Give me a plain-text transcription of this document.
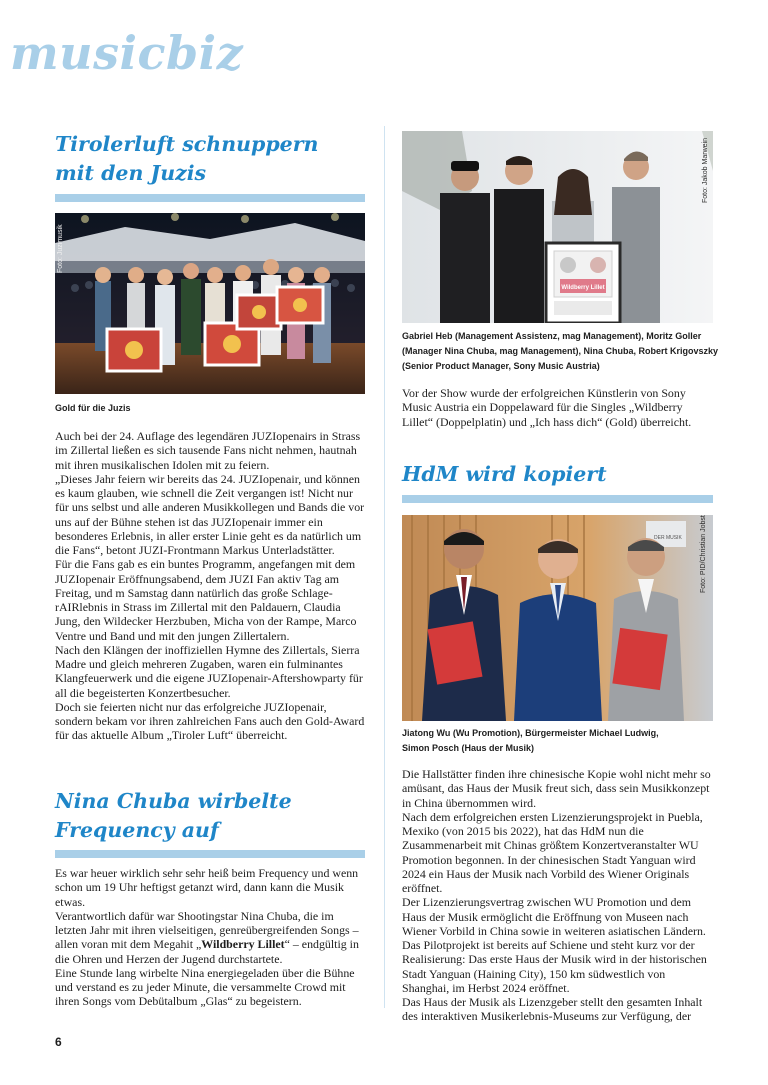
musicbiz
Tirolerluft schnuppern
mit den Juzis
Foto: Juzimusik
Gold für die Juzis

Auch bei der 24. Auflage des legendären JUZIopenairs in Strass im Zillertal ließen es sich tausende Fans nicht nehmen, hautnah mit ihren musikalischen Idolen mit zu feiern.

„Dieses Jahr feiern wir bereits das 24. JUZIopenair, und können es kaum glauben, wie schnell die Zeit vergangen ist! Nicht nur für uns selbst und alle anderen Musikkollegen und Bands die vor uns auf der Bühne stehen ist das JUZIopenair immer ein besonderes Erlebnis, in aller erster Linie geht es da natürlich um die Fans“, betont JUZI-Frontmann Markus Unterladstätter.

Für die Fans gab es ein buntes Programm, angefangen mit dem JUZIopenair Eröffnungsabend, dem JUZI Fan aktiv Tag am Freitag, und m Samstag dann natürlich das große Schlage-rAIRlebnis in Strass im Zillertal mit den Paldauern, Claudia Jung, den Wildecker Herzbuben, Micha von der Rampe, Marco Ventre und Band und mit den jungen Zillertalern.

Nach den Klängen der inoffiziellen Hymne des Zillertals, Sierra Madre und gleich mehreren Zugaben, waren ein fulminantes Klangfeuerwerk und die eigene JUZIopenair-Aftershowparty für all die begeisterten Konzertbesucher.

Doch sie feierten nicht nur das erfolgreiche JUZIopenair, sondern bekam vor ihren zahlreichen Fans auch den Gold-Award für das aktuelle Album „Tiroler Luft“ überreicht.

Nina Chuba wirbelte
Frequency auf

Es war heuer wirklich sehr sehr heiß beim Frequency und wenn schon um 19 Uhr heftigst getanzt wird, dann kann die Musik etwas.

Verantwortlich dafür war Shootingstar Nina Chuba, die im letzten Jahr mit ihren vielseitigen, genreübergreifenden Songs – allen voran mit dem Megahit „Wildberry Lillet“ – endgültig in die Ohren und Herzen der Jugend durchstartete.

Eine Stunde lang wirbelte Nina energiegeladen über die Bühne und verstand es zu jeder Minute, die versammelte Crowd mit ihren Songs vom Debütalbum „Glas“ zu begeistern.

6
Wildberry Lillet
Foto: Jakob Marwein
Gabriel Heb (Management Assistenz, mag Management), Moritz Goller
(Manager Nina Chuba, mag Management), Nina Chuba, Robert Krigovszky
(Senior Product Manager, Sony Music Austria)

Vor der Show wurde der erfolgreichen Künstlerin von Sony Music Austria ein Doppelaward für die Singles „Wildberry Lillet“ (Doppelplatin) und „Ich hass dich“ (Gold) überreicht.

HdM wird kopiert
DER MUSIK	Foto: PID/Christian Jobst
Jiatong Wu (Wu Promotion), Bürgermeister Michael Ludwig,
Simon Posch (Haus der Musik)

Die Hallstätter finden ihre chinesische Kopie wohl nicht mehr so amüsant, das Haus der Musik freut sich, dass sein Musikkonzept in China übernommen wird.

Nach dem erfolgreichen ersten Lizenzierungsprojekt in Puebla, Mexiko (von 2015 bis 2022), hat das HdM nun die Zusammenarbeit mit Chinas größtem Konzertveranstalter WU Promotion begonnen. In der chinesischen Stadt Yanguan wird 2024 ein Haus der Musik nach Vorbild des Wiener Originals eröffnet.

Der Lizenzierungsvertrag zwischen WU Promotion und dem Haus der Musik ermöglicht die Eröffnung von Museen nach Wiener Vorbild in China sowie in weiteren asiatischen Ländern. Das Pilotprojekt ist bereits auf Schiene und steht kurz vor der Realisierung: Das erste Haus der Musik wird in der historischen Stadt Yanguan (Haining City), 150 km südwestlich von Shanghai, im Herbst 2024 eröffnet.

Das Haus der Musik als Lizenzgeber stellt den gesamten Inhalt des interaktiven Musikerlebnis-Museums zur Verfügung, der
